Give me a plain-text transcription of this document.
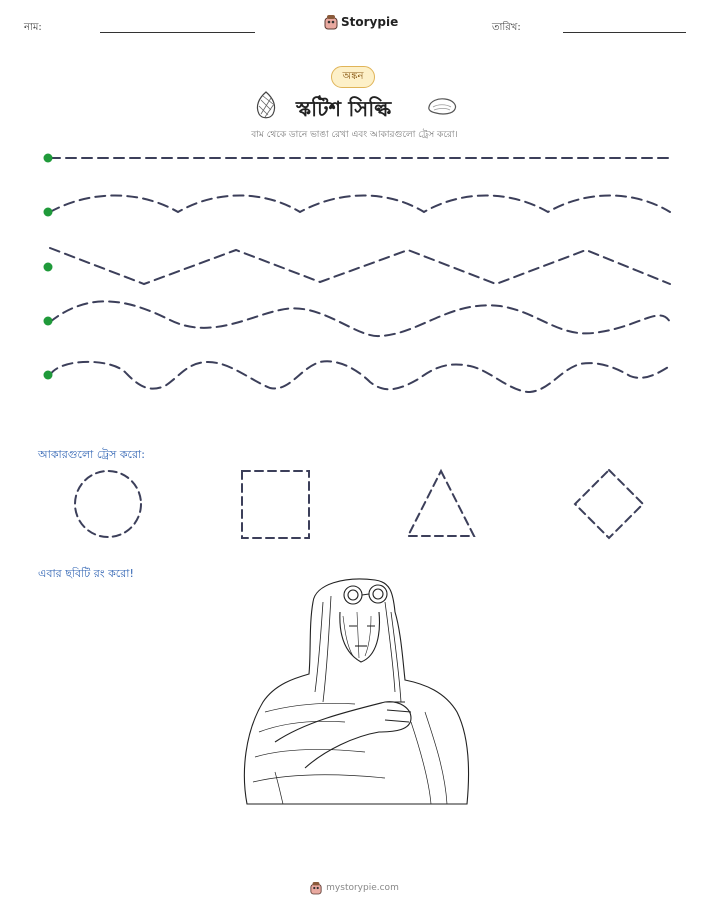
নাম:	Storypie	তারিখ:
অঙ্কন
স্কটিশ সিল্কি
বাম থেকে ডানে ভাঙা রেখা এবং আকারগুলো ট্রেস করো।
আকারগুলো ট্রেস করো:
এবার ছবিটি রং করো!
mystorypie.com
